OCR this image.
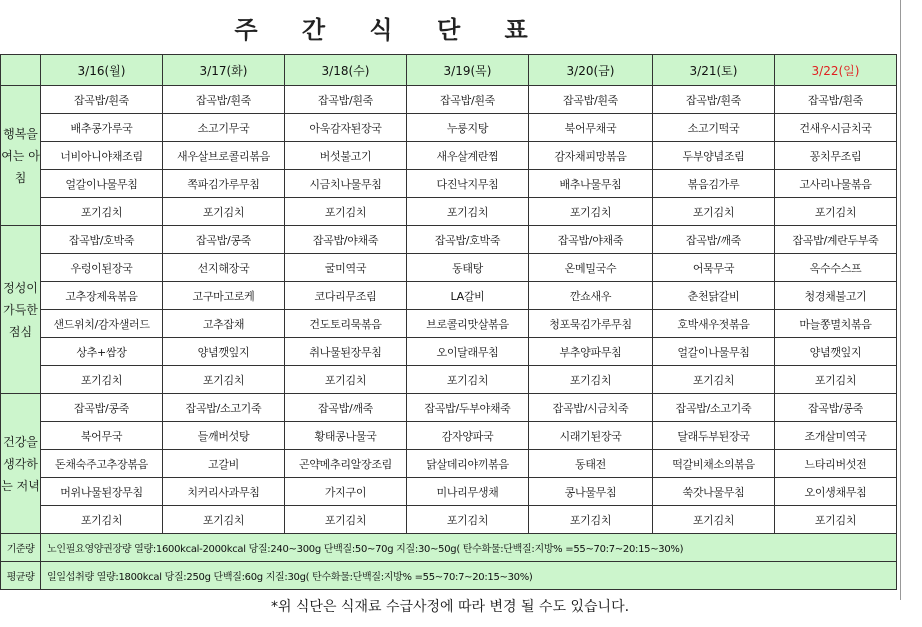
주 간 식 단 표
	3/16(월)	3/17(화)	3/18(수)	3/19(목)	3/20(금)	3/21(토)	3/22(일)
행복을 여는 아침	잡곡밥/흰죽	잡곡밥/흰죽	잡곡밥/흰죽	잡곡밥/흰죽	잡곡밥/흰죽	잡곡밥/흰죽	잡곡밥/흰죽
	배추콩가루국	소고기무국	아욱감자된장국	누룽지탕	북어무채국	소고기떡국	건새우시금치국
	너비아니야채조림	새우살브로콜리볶음	버섯불고기	새우살계란찜	감자채피망볶음	두부양념조림	꽁치무조림
	얼갈이나물무침	쪽파김가루무침	시금치나물무침	다진낙지무침	배추나물무침	볶음김가루	고사리나물볶음
	포기김치	포기김치	포기김치	포기김치	포기김치	포기김치	포기김치
정성이 가득한 점심	잡곡밥/호박죽	잡곡밥/콩죽	잡곡밥/야채죽	잡곡밥/호박죽	잡곡밥/야채죽	잡곡밥/깨죽	잡곡밥/계란두부죽
	우렁이된장국	선지해장국	굴미역국	동태탕	온메밀국수	어묵무국	옥수수스프
	고추장제육볶음	고구마고로케	코다리무조림	LA갈비	깐쇼새우	춘천닭갈비	청경채불고기
	샌드위치/감자샐러드	고추잡채	건도토리묵볶음	브로콜리맛살볶음	청포묵김가루무침	호박새우젓볶음	마늘쫑멸치볶음
	상추+쌈장	양념깻잎지	취나물된장무침	오이달래무침	부추양파무침	얼갈이나물무침	양념깻잎지
	포기김치	포기김치	포기김치	포기김치	포기김치	포기김치	포기김치
건강을 생각하는 저녁	잡곡밥/콩죽	잡곡밥/소고기죽	잡곡밥/깨죽	잡곡밥/두부야채죽	잡곡밥/시금치죽	잡곡밥/소고기죽	잡곡밥/콩죽
	북어무국	들깨버섯탕	황태콩나물국	감자양파국	시래기된장국	달래두부된장국	조개살미역국
	돈채숙주고추장볶음	고갈비	곤약메추리알장조림	닭살데리야끼볶음	동태전	떡갈비채소의볶음	느타리버섯전
	머위나물된장무침	치커리사과무침	가지구이	미나리무생채	콩나물무침	쑥갓나물무침	오이생채무침
	포기김치	포기김치	포기김치	포기김치	포기김치	포기김치	포기김치
기준량	노인필요영양권장량 열량:1600kcal-2000kcal 당질:240~300g 단백질:50~70g 지질:30~50g( 탄수화물:단백질:지방% =55~70:7~20:15~30%)						
평균량	일일섭취량 열량:1800kcal 당질:250g 단백질:60g 지질:30g( 탄수화물:단백질:지방% =55~70:7~20:15~30%)						
*위 식단은 식재료 수급사정에 따라 변경 될 수도 있습니다.
